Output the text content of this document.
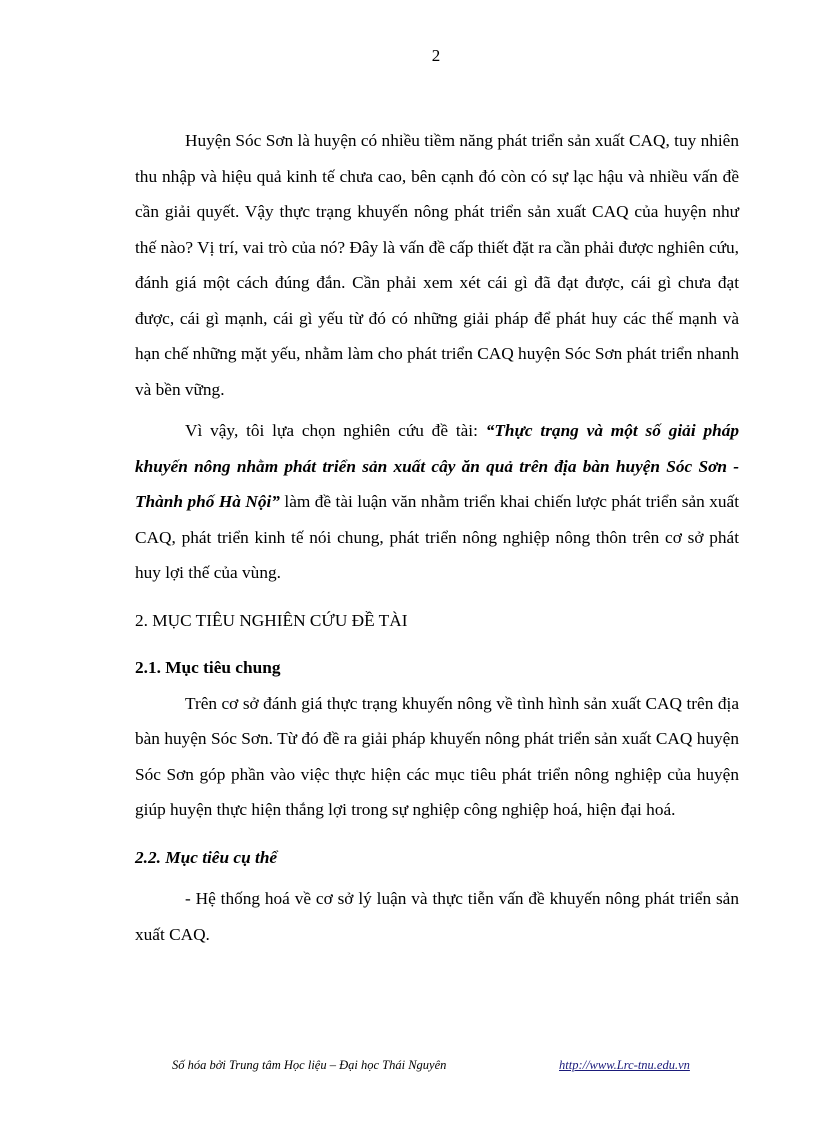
2

Huyện Sóc Sơn là huyện có nhiều tiềm năng phát triển sản xuất CAQ, tuy nhiên thu nhập và hiệu quả kinh tế chưa cao, bên cạnh đó còn có sự lạc hậu và nhiều vấn đề cần giải quyết. Vậy thực trạng khuyến nông phát triển sản xuất CAQ của huyện như thế nào? Vị trí, vai trò của nó? Đây là vấn đề cấp thiết đặt ra cần phải được nghiên cứu, đánh giá một cách đúng đắn. Cần phải xem xét cái gì đã đạt được, cái gì chưa đạt được, cái gì mạnh, cái gì yếu từ đó có những giải pháp để phát huy các thế mạnh và hạn chế những mặt yếu, nhằm làm cho phát triển CAQ huyện Sóc Sơn phát triển nhanh và bền vững.

Vì vậy, tôi lựa chọn nghiên cứu đề tài: “Thực trạng và một số giải pháp khuyến nông nhằm phát triển sản xuất cây ăn quả trên địa bàn huyện Sóc Sơn - Thành phố Hà Nội” làm đề tài luận văn nhằm triển khai chiến lược phát triển sản xuất CAQ, phát triển kinh tế nói chung, phát triển nông nghiệp nông thôn trên cơ sở phát huy lợi thế của vùng.

2. MỤC TIÊU NGHIÊN CỨU ĐỀ TÀI

2.1. Mục tiêu chung

Trên cơ sở đánh giá thực trạng khuyến nông về tình hình sản xuất CAQ trên địa bàn huyện Sóc Sơn. Từ đó đề ra giải pháp khuyến nông phát triển sản xuất CAQ huyện Sóc Sơn góp phần vào việc thực hiện các mục tiêu phát triển nông nghiệp của huyện giúp huyện thực hiện thắng lợi trong sự nghiệp công nghiệp hoá, hiện đại hoá.

2.2. Mục tiêu cụ thể

- Hệ thống hoá về cơ sở lý luận và thực tiễn vấn đề khuyến nông phát triển sản xuất CAQ.

Số hóa bởi Trung tâm Học liệu – Đại học Thái Nguyên	http://www.Lrc-tnu.edu.vn
